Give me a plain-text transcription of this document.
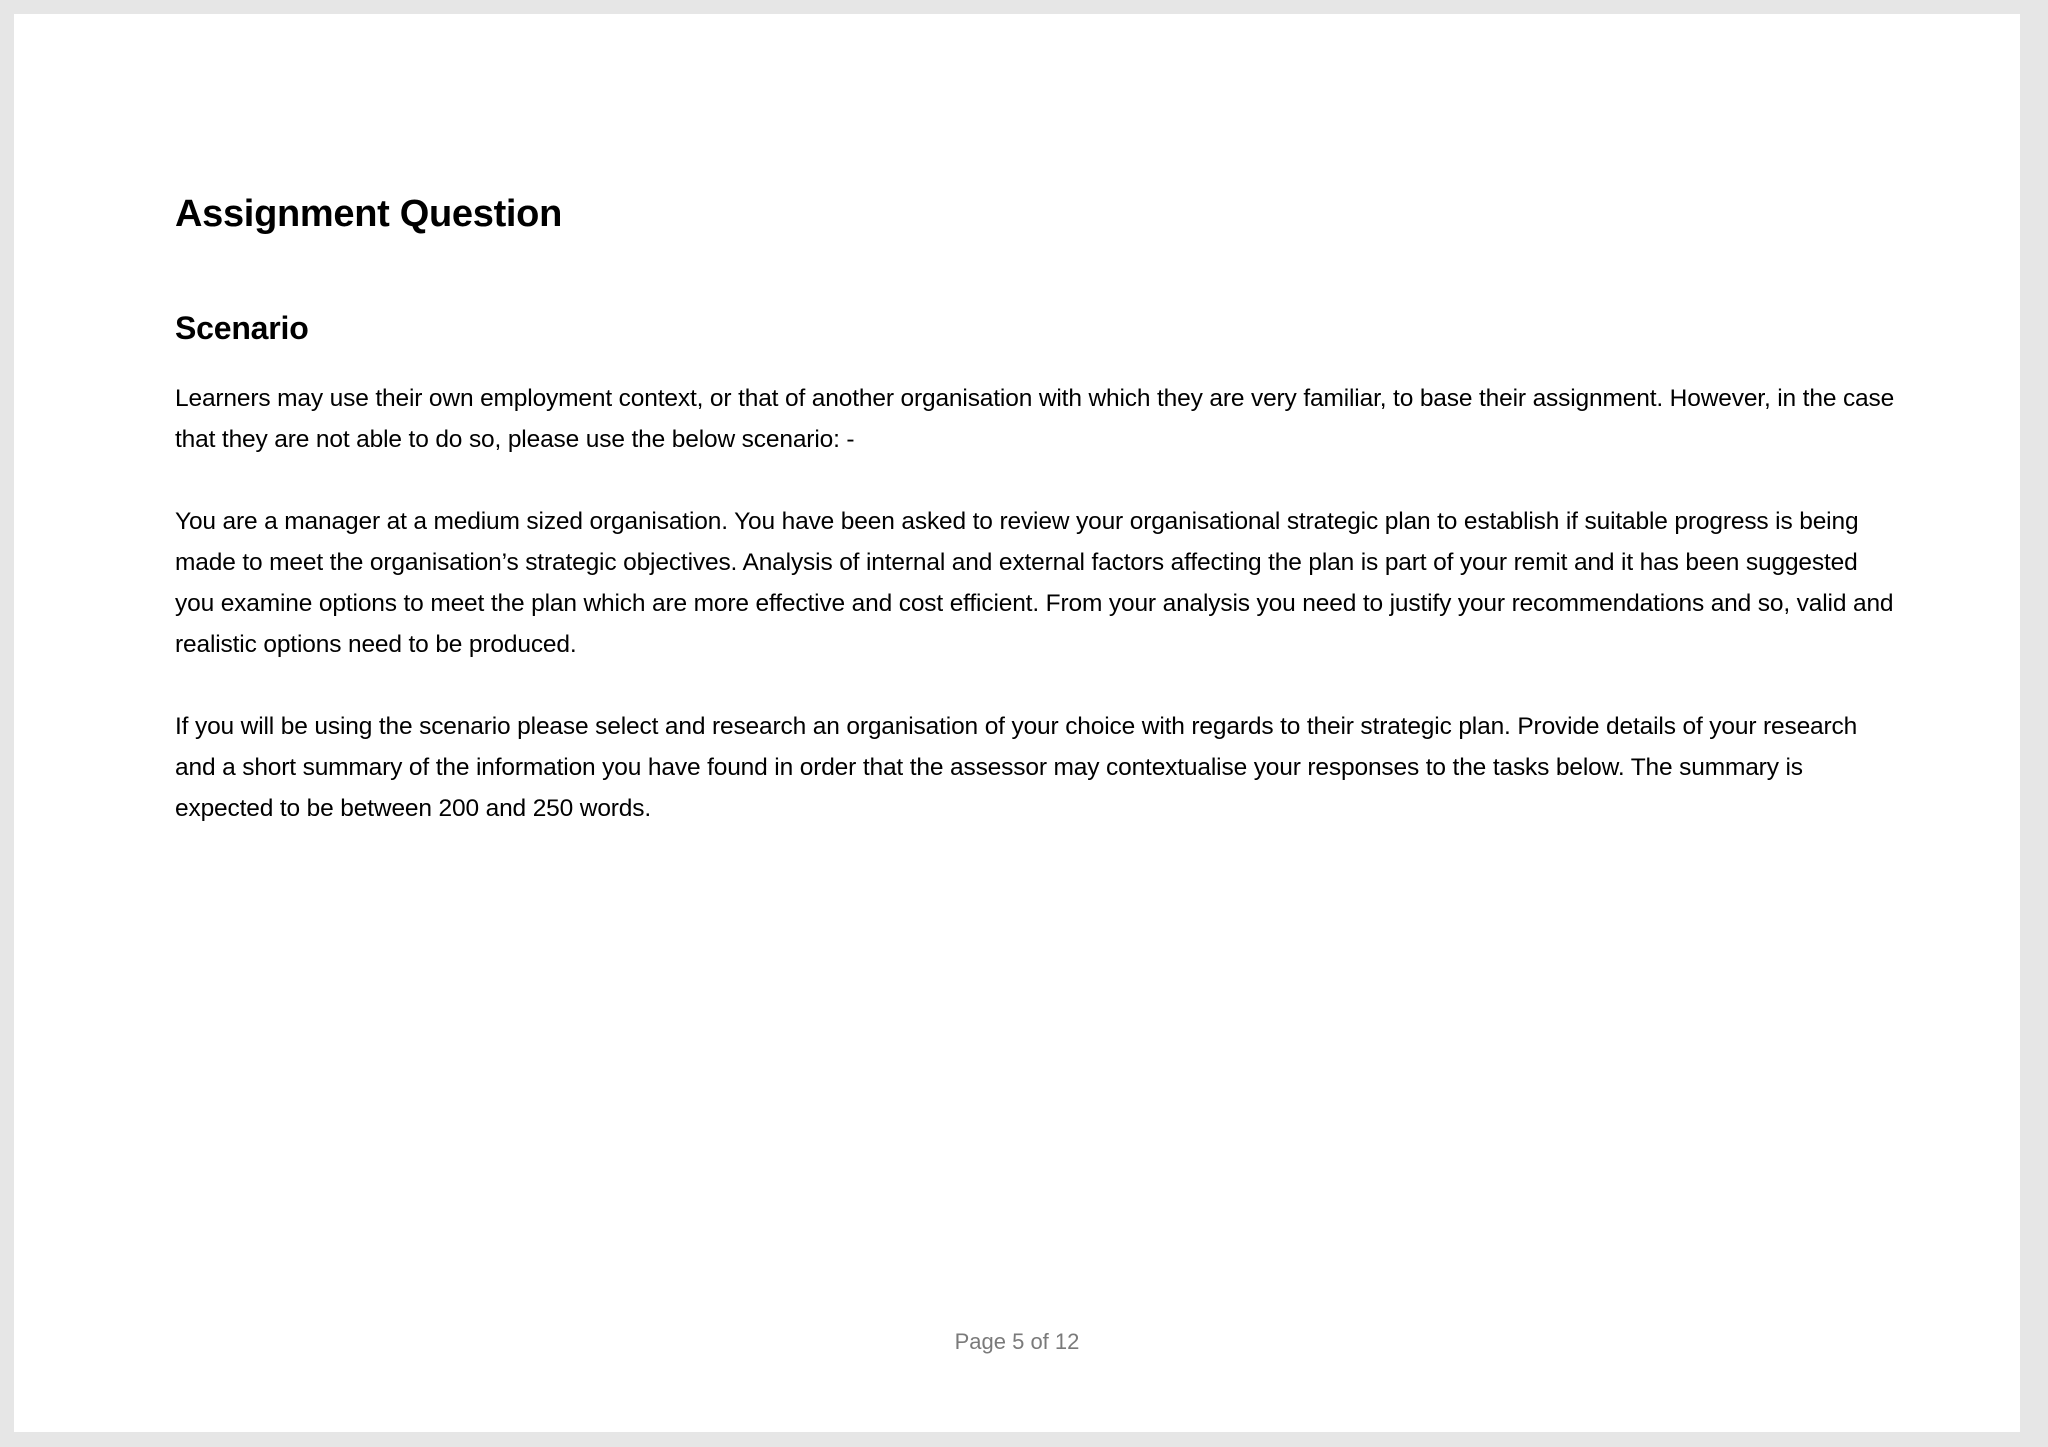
Assignment Question
Scenario

Learners may use their own employment context, or that of another organisation with which they are very familiar, to base their assignment. However, in the case that they are not able to do so, please use the below scenario: -

You are a manager at a medium sized organisation. You have been asked to review your organisational strategic plan to establish if suitable progress is being made to meet the organisation’s strategic objectives. Analysis of internal and external factors affecting the plan is part of your remit and it has been suggested you examine options to meet the plan which are more effective and cost efficient. From your analysis you need to justify your recommendations and so, valid and realistic options need to be produced.

If you will be using the scenario please select and research an organisation of your choice with regards to their strategic plan. Provide details of your research and a short summary of the information you have found in order that the assessor may contextualise your responses to the tasks below. The summary is expected to be between 200 and 250 words.

Page 5 of 12
